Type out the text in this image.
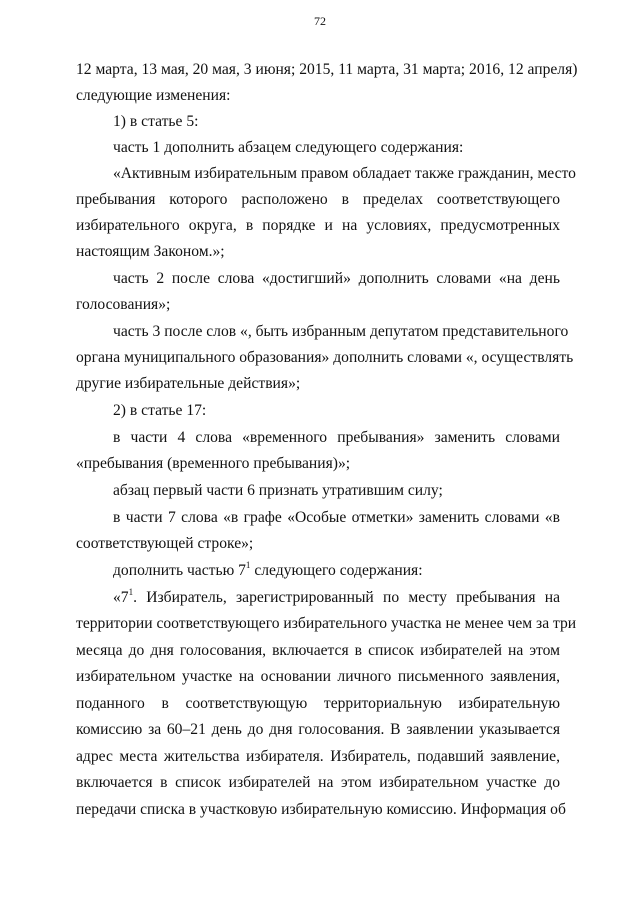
72
12 марта, 13 мая, 20 мая, 3 июня; 2015, 11 марта, 31 марта; 2016, 12 апреля)
следующие изменения:
1) в статье 5:
часть 1 дополнить абзацем следующего содержания:
«Активным избирательным правом обладает также гражданин, место
пребывания которого расположено в пределах соответствующего
избирательного округа, в порядке и на условиях, предусмотренных
настоящим Законом.»;
часть 2 после слова «достигший» дополнить словами «на день
голосования»;
часть 3 после слов «, быть избранным депутатом представительного
органа муниципального образования» дополнить словами «, осуществлять
другие избирательные действия»;
2) в статье 17:
в части 4 слова «временного пребывания» заменить словами
«пребывания (временного пребывания)»;
абзац первый части 6 признать утратившим силу;
в части 7 слова «в графе «Особые отметки» заменить словами «в
соответствующей строке»;
дополнить частью $7^1$ следующего содержания:
«$7^1$. Избиратель, зарегистрированный по месту пребывания на
территории соответствующего избирательного участка не менее чем за три
месяца до дня голосования, включается в список избирателей на этом
избирательном участке на основании личного письменного заявления,
поданного в соответствующую территориальную избирательную
комиссию за 60–21 день до дня голосования. В заявлении указывается
адрес места жительства избирателя. Избиратель, подавший заявление,
включается в список избирателей на этом избирательном участке до
передачи списка в участковую избирательную комиссию. Информация об
